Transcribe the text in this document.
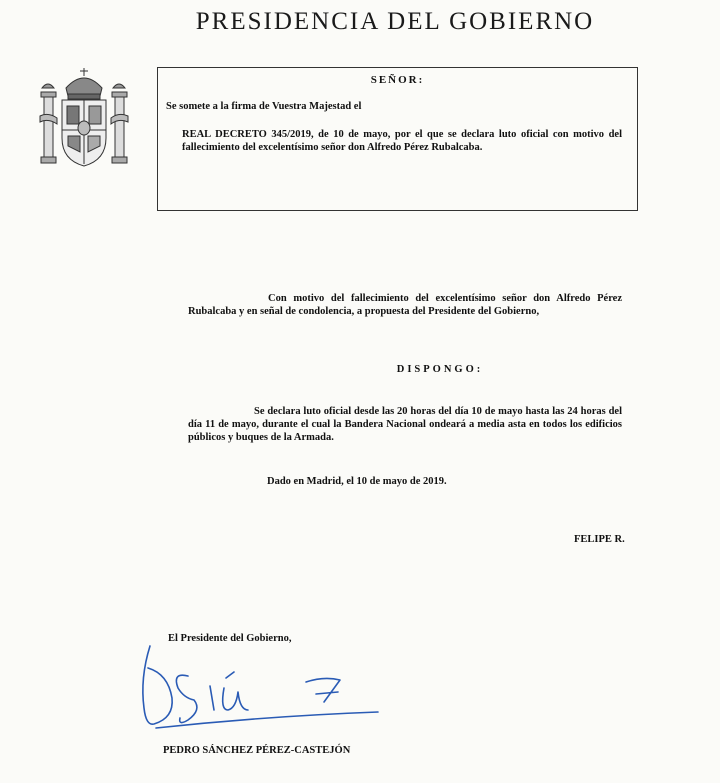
PRESIDENCIA DEL GOBIERNO
SEÑOR:
Se somete a la firma de Vuestra Majestad el
REAL DECRETO 345/2019, de 10 de mayo, por el que se declara luto oficial con motivo del fallecimiento del excelentísimo señor don Alfredo Pérez Rubalcaba.
Con motivo del fallecimiento del excelentísimo señor don Alfredo Pérez Rubalcaba y en señal de condolencia, a propuesta del Presidente del Gobierno,
DISPONGO:
Se declara luto oficial desde las 20 horas del día 10 de mayo hasta las 24 horas del día 11 de mayo, durante el cual la Bandera Nacional ondeará a media asta en todos los edificios públicos y buques de la Armada.
Dado en Madrid, el 10 de mayo de 2019.
FELIPE R.
El Presidente del Gobierno,
PEDRO SÁNCHEZ PÉREZ-CASTEJÓN
